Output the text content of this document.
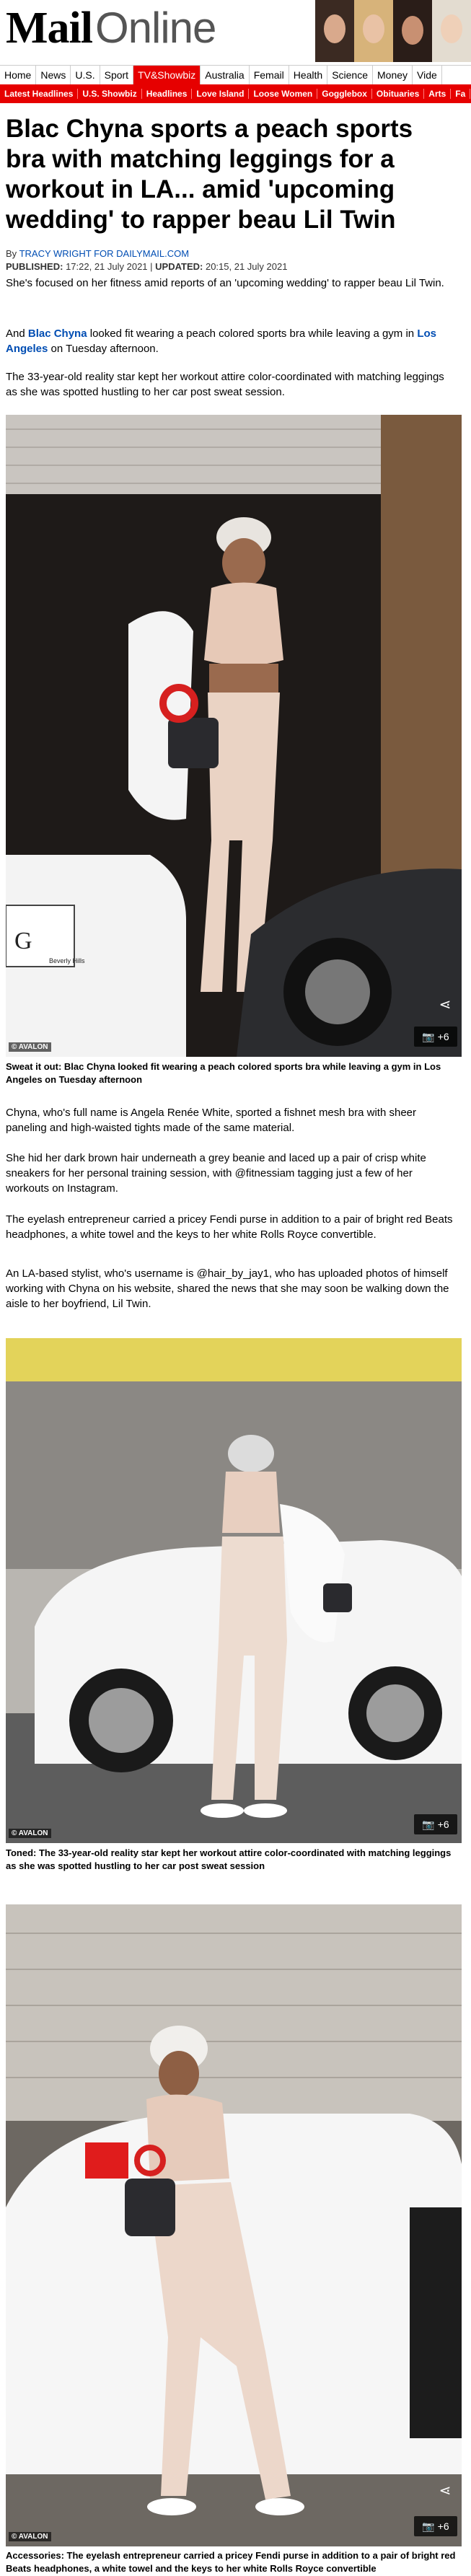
MailOnline
Home News U.S. Sport TV&Showbiz Australia Femail Health Science Money Vide
Latest Headlines	U.S. Showbiz	Headlines	Love Island	Loose Women	Gogglebox	Obituaries	Arts	Fa
Blac Chyna sports a peach sports bra with matching leggings for a workout in LA... amid 'upcoming wedding' to rapper beau Lil Twin
By TRACY WRIGHT FOR DAILYMAIL.COM
PUBLISHED: 17:22, 21 July 2021 | UPDATED: 20:15, 21 July 2021

She's focused on her fitness amid reports of an 'upcoming wedding' to rapper beau Lil Twin.

And Blac Chyna looked fit wearing a peach colored sports bra while leaving a gym in Los Angeles on Tuesday afternoon.

The 33-year-old reality star kept her workout attire color-coordinated with matching leggings as she was spotted hustling to her car post sweat session.

G
Beverly Hills
© AVALON
📷 +6
⋖
Sweat it out: Blac Chyna looked fit wearing a peach colored sports bra while leaving a gym in Los Angeles on Tuesday afternoon

Chyna, who's full name is Angela Renée White, sported a fishnet mesh bra with sheer paneling and high-waisted tights made of the same material.

She hid her dark brown hair underneath a grey beanie and laced up a pair of crisp white sneakers for her personal training session, with @fitnessiam tagging just a few of her workouts on Instagram.

The eyelash entrepreneur carried a pricey Fendi purse in addition to a pair of bright red Beats headphones, a white towel and the keys to her white Rolls Royce convertible.

An LA-based stylist, who's username is @hair_by_jay1, who has uploaded photos of himself working with Chyna on his website, shared the news that she may soon be walking down the aisle to her boyfriend, Lil Twin.

© AVALON
📷 +6
Toned: The 33-year-old reality star kept her workout attire color-coordinated with matching leggings as she was spotted hustling to her car post sweat session
© AVALON
📷 +6
⋖
Accessories: The eyelash entrepreneur carried a pricey Fendi purse in addition to a pair of bright red Beats headphones, a white towel and the keys to her white Rolls Royce convertible
